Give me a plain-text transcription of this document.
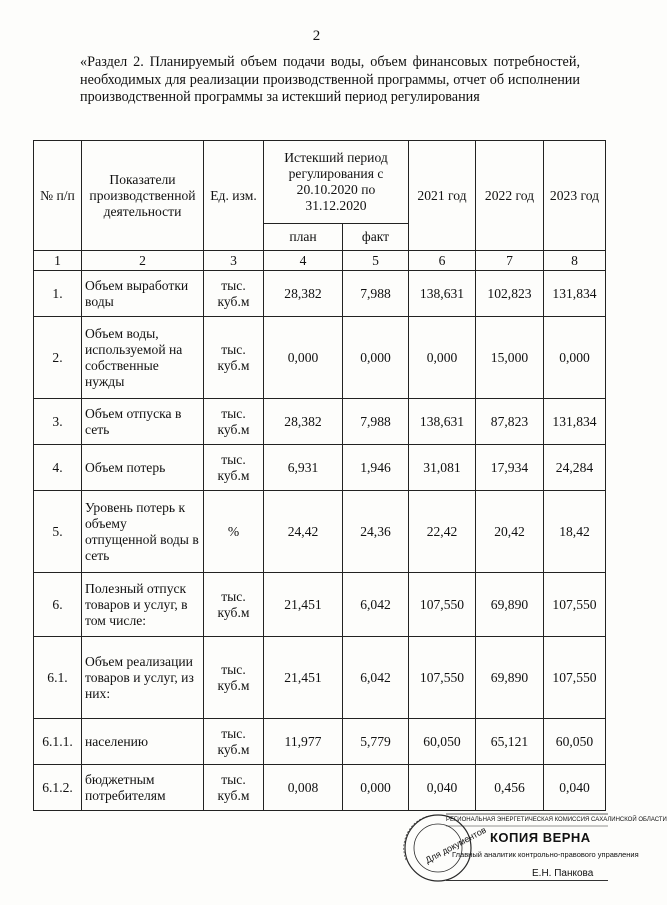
2
«Раздел 2. Планируемый объем подачи воды, объем финансовых потребностей, необходимых для реализации производственной программы, отчет об исполнении производственной программы за истекший период регулирования
№ п/п	Показатели производственной деятельности	Ед. изм.	Истекший период регулирования с 20.10.2020 по 31.12.2020		2021 год	2022 год	2023 год
			план	факт			
1	2	3	4	5	6	7	8
1.	Объем выработки воды	тыс. куб.м	28,382	7,988	138,631	102,823	131,834
2.	Объем воды, используемой на собственные нужды	тыс. куб.м	0,000	0,000	0,000	15,000	0,000
3.	Объем отпуска в сеть	тыс. куб.м	28,382	7,988	138,631	87,823	131,834
4.	Объем потерь	тыс. куб.м	6,931	1,946	31,081	17,934	24,284
5.	Уровень потерь к объему отпущенной воды в сеть	%	24,42	24,36	22,42	20,42	18,42
6.	Полезный отпуск товаров и услуг, в том числе:	тыс. куб.м	21,451	6,042	107,550	69,890	107,550
6.1.	Объем реализации товаров и услуг, из них:	тыс. куб.м	21,451	6,042	107,550	69,890	107,550
6.1.1.	населению	тыс. куб.м	11,977	5,779	60,050	65,121	60,050
6.1.2.	бюджетным потребителям	тыс. куб.м	0,008	0,000	0,040	0,456	0,040
РЕГИОНАЛЬНАЯ ЭНЕРГЕТИЧЕСКАЯ КОМИССИЯ САХАЛИНСКОЙ ОБЛАСТИ
Для документов КОПИЯ ВЕРНА
Главный аналитик контрольно-правового управления
Е.Н. Панкова
